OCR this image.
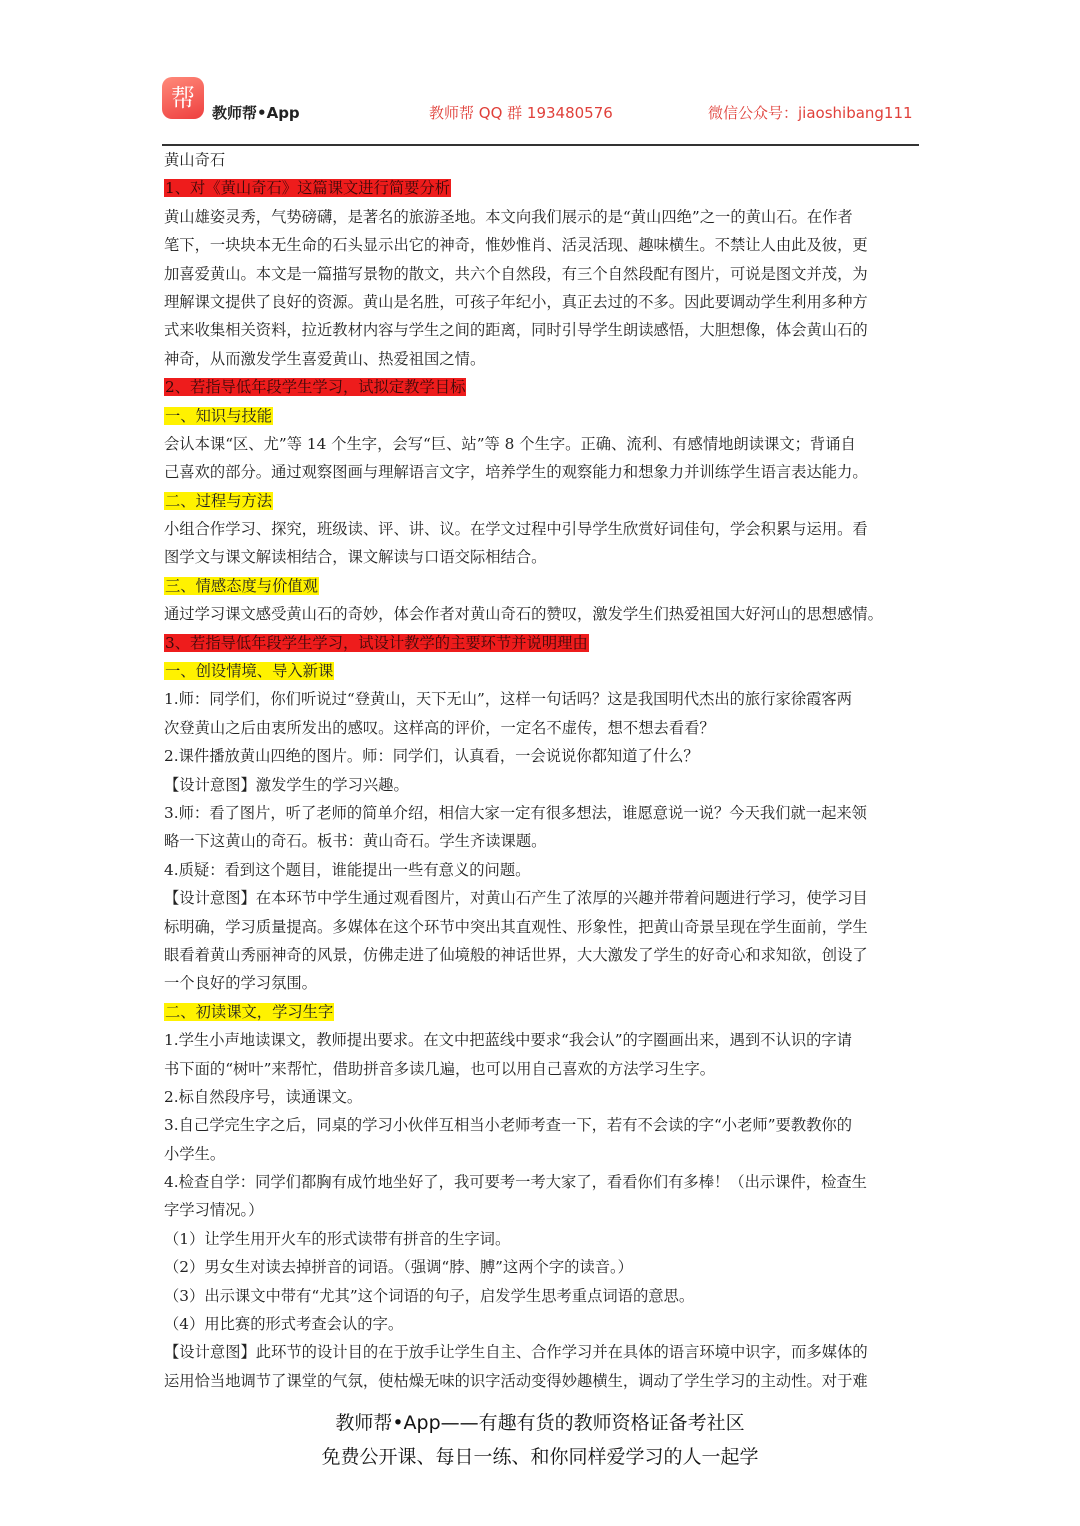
帮
教师帮•App	教师帮 QQ 群 193480576	微信公众号：jiaoshibang111
黄山奇石
1、对《黄山奇石》这篇课文进行简要分析
黄山雄姿灵秀，气势磅礴，是著名的旅游圣地。本文向我们展示的是“黄山四绝”之一的黄山石。在作者
笔下，一块块本无生命的石头显示出它的神奇，惟妙惟肖、活灵活现、趣味横生。不禁让人由此及彼，更
加喜爱黄山。本文是一篇描写景物的散文，共六个自然段，有三个自然段配有图片，可说是图文并茂，为
理解课文提供了良好的资源。黄山是名胜，可孩子年纪小，真正去过的不多。因此要调动学生利用多种方
式来收集相关资料，拉近教材内容与学生之间的距离，同时引导学生朗读感悟，大胆想像，体会黄山石的
神奇，从而激发学生喜爱黄山、热爱祖国之情。
2、若指导低年段学生学习，试拟定教学目标
一、知识与技能
会认本课“区、尤”等 14 个生字，会写“巨、站”等 8 个生字。正确、流利、有感情地朗读课文；背诵自
己喜欢的部分。通过观察图画与理解语言文字，培养学生的观察能力和想象力并训练学生语言表达能力。
二、过程与方法
小组合作学习、探究，班级读、评、讲、议。在学文过程中引导学生欣赏好词佳句，学会积累与运用。看
图学文与课文解读相结合，课文解读与口语交际相结合。
三、情感态度与价值观
通过学习课文感受黄山石的奇妙，体会作者对黄山奇石的赞叹，激发学生们热爱祖国大好河山的思想感情。
3、若指导低年段学生学习，试设计教学的主要环节并说明理由
一、创设情境、导入新课
1.师：同学们，你们听说过“登黄山，天下无山”，这样一句话吗？这是我国明代杰出的旅行家徐霞客两
次登黄山之后由衷所发出的感叹。这样高的评价，一定名不虚传，想不想去看看？
2.课件播放黄山四绝的图片。师：同学们，认真看，一会说说你都知道了什么？
【设计意图】激发学生的学习兴趣。
3.师：看了图片，听了老师的简单介绍，相信大家一定有很多想法，谁愿意说一说？今天我们就一起来领
略一下这黄山的奇石。板书：黄山奇石。学生齐读课题。
4.质疑：看到这个题目，谁能提出一些有意义的问题。
【设计意图】在本环节中学生通过观看图片，对黄山石产生了浓厚的兴趣并带着问题进行学习，使学习目
标明确，学习质量提高。多媒体在这个环节中突出其直观性、形象性，把黄山奇景呈现在学生面前，学生
眼看着黄山秀丽神奇的风景，仿佛走进了仙境般的神话世界，大大激发了学生的好奇心和求知欲，创设了
一个良好的学习氛围。
二、初读课文，学习生字
1.学生小声地读课文，教师提出要求。在文中把蓝线中要求“我会认”的字圈画出来，遇到不认识的字请
书下面的“树叶”来帮忙，借助拼音多读几遍，也可以用自己喜欢的方法学习生字。
2.标自然段序号，读通课文。
3.自己学完生字之后，同桌的学习小伙伴互相当小老师考查一下，若有不会读的字“小老师”要教教你的
小学生。
4.检查自学：同学们都胸有成竹地坐好了，我可要考一考大家了，看看你们有多棒！（出示课件，检查生
字学习情况。）
（1）让学生用开火车的形式读带有拼音的生字词。
（2）男女生对读去掉拼音的词语。（强调“脖、膊”这两个字的读音。）
（3）出示课文中带有“尤其”这个词语的句子，启发学生思考重点词语的意思。
（4）用比赛的形式考查会认的字。
【设计意图】此环节的设计目的在于放手让学生自主、合作学习并在具体的语言环境中识字，而多媒体的
运用恰当地调节了课堂的气氛，使枯燥无味的识字活动变得妙趣横生，调动了学生学习的主动性。对于难
教师帮•App——有趣有货的教师资格证备考社区
免费公开课、每日一练、和你同样爱学习的人一起学
